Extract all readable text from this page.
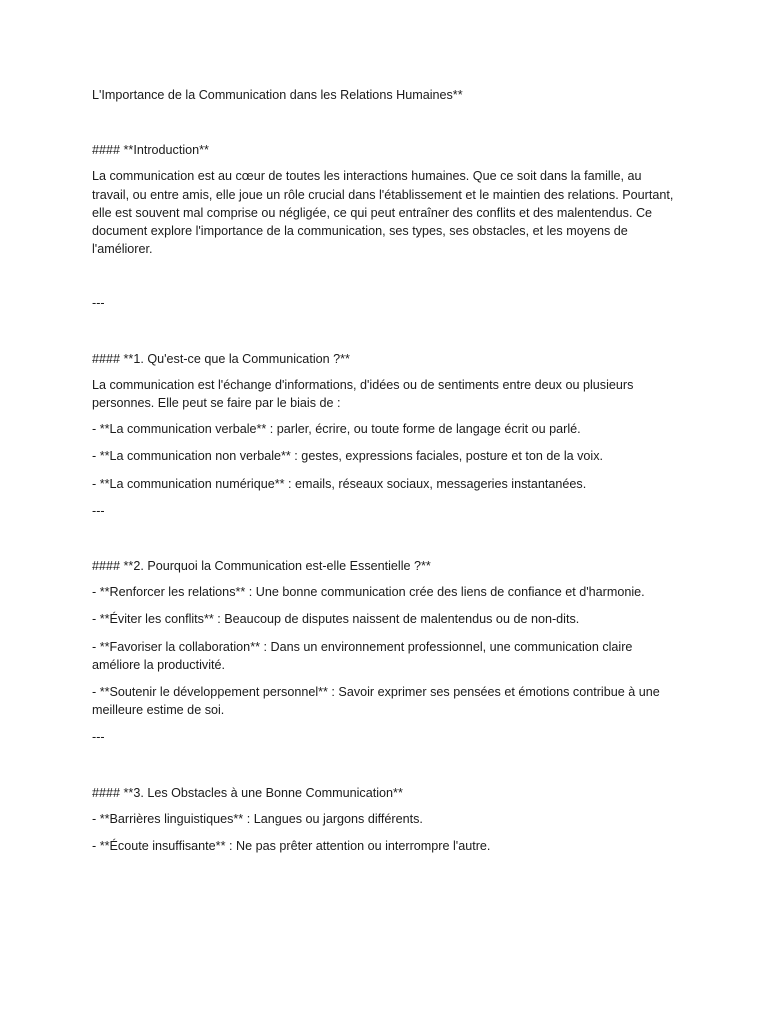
L'Importance de la Communication dans les Relations Humaines**

#### **Introduction**

La communication est au cœur de toutes les interactions humaines. Que ce soit dans la famille, au travail, ou entre amis, elle joue un rôle crucial dans l'établissement et le maintien des relations. Pourtant, elle est souvent mal comprise ou négligée, ce qui peut entraîner des conflits et des malentendus. Ce document explore l'importance de la communication, ses types, ses obstacles, et les moyens de l'améliorer.

---

#### **1. Qu'est-ce que la Communication ?**

La communication est l'échange d'informations, d'idées ou de sentiments entre deux ou plusieurs personnes. Elle peut se faire par le biais de :

- **La communication verbale** : parler, écrire, ou toute forme de langage écrit ou parlé.

- **La communication non verbale** : gestes, expressions faciales, posture et ton de la voix.

- **La communication numérique** : emails, réseaux sociaux, messageries instantanées.

---

#### **2. Pourquoi la Communication est-elle Essentielle ?**

- **Renforcer les relations** : Une bonne communication crée des liens de confiance et d'harmonie.

- **Éviter les conflits** : Beaucoup de disputes naissent de malentendus ou de non-dits.

- **Favoriser la collaboration** : Dans un environnement professionnel, une communication claire améliore la productivité.

- **Soutenir le développement personnel** : Savoir exprimer ses pensées et émotions contribue à une meilleure estime de soi.

---

#### **3. Les Obstacles à une Bonne Communication**

- **Barrières linguistiques** : Langues ou jargons différents.

- **Écoute insuffisante** : Ne pas prêter attention ou interrompre l'autre.
